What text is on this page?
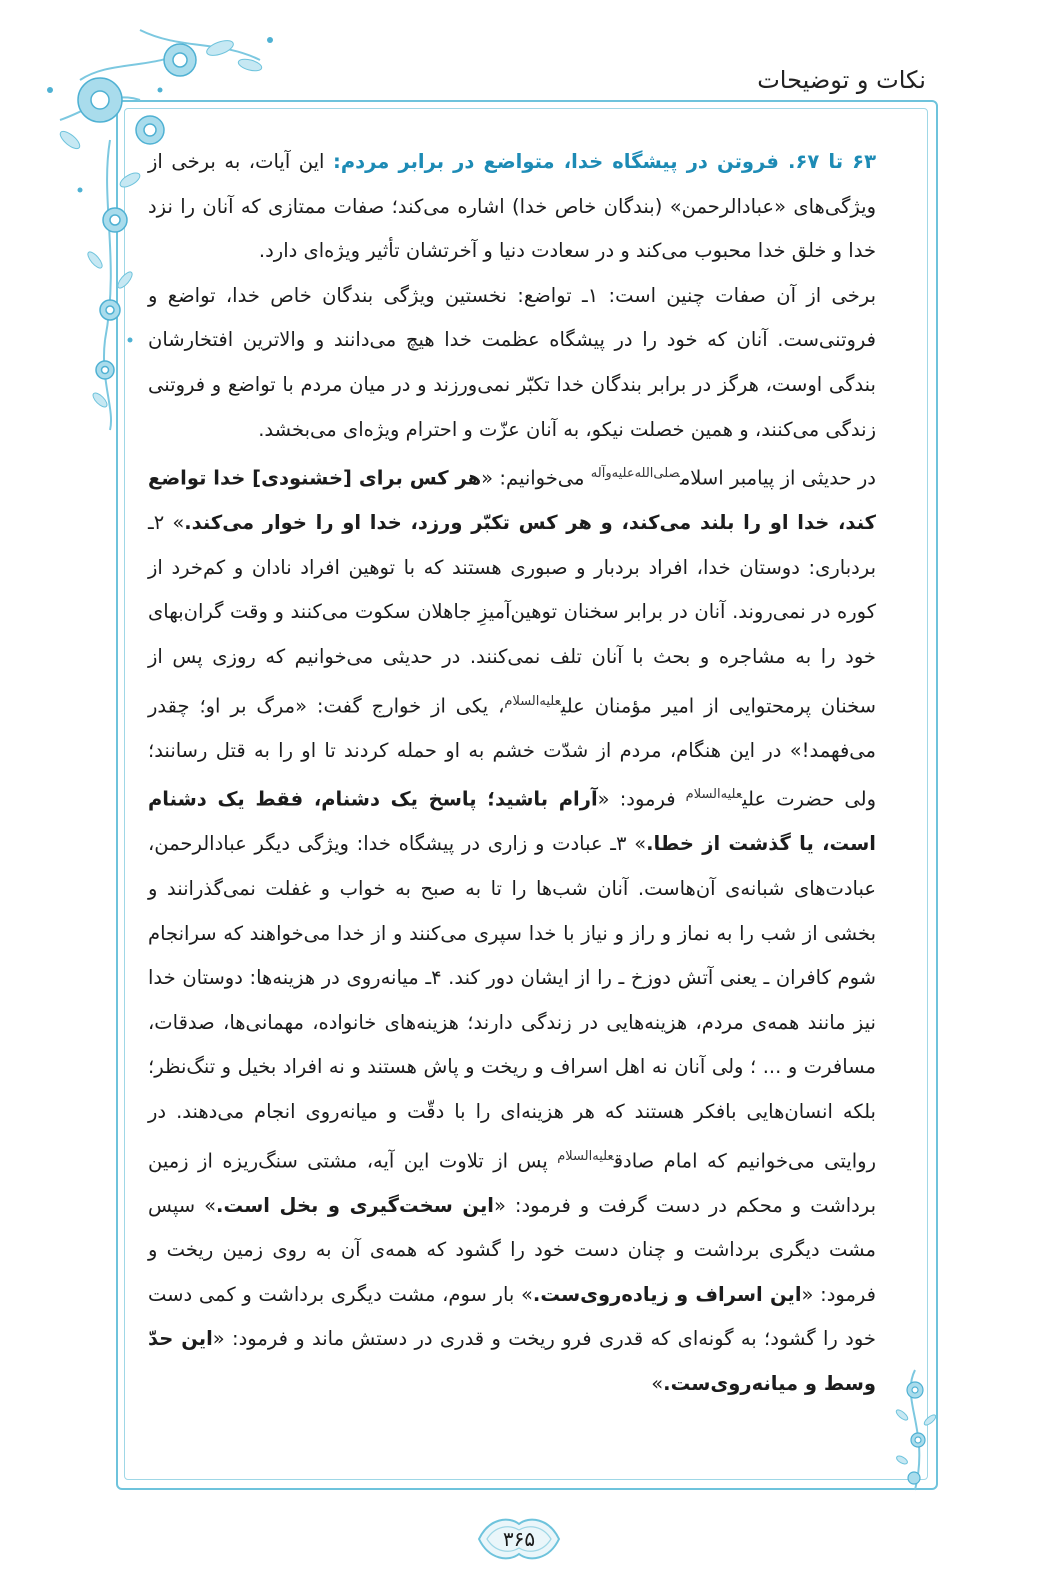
نکات و توضیحات

۶۳ تا ۶۷. فروتن در پیشگاه خدا، متواضع در برابر مردم: این آیات، به برخی از ویژگی‌های «عبادالرحمن» (بندگان خاص خدا) اشاره می‌کند؛ صفات ممتازی که آنان را نزد خدا و خلق خدا محبوب می‌کند و در سعادت دنیا و آخرتشان تأثیر ویژه‌ای دارد.

برخی از آن صفات چنین است: ۱ـ تواضع: نخستین ویژگی بندگان خاص خدا، تواضع و فروتنی‌ست. آنان که خود را در پیشگاه عظمت خدا هیچ می‌دانند و والاترین افتخارشان بندگی اوست، هرگز در برابر بندگان خدا تکبّر نمی‌ورزند و در میان مردم با تواضع و فروتنی زندگی می‌کنند، و همین خصلت نیکو، به آنان عزّت و احترام ویژه‌ای می‌بخشد.

در حدیثی از پیامبر اسلام$^{صلی‌الله‌علیه‌وآله}$ می‌خوانیم: «هر کس برای [خشنودی] خدا تواضع کند، خدا او را بلند می‌کند، و هر کس تکبّر ورزد، خدا او را خوار می‌کند.» ۲ـ بردباری: دوستان خدا، افراد بردبار و صبوری هستند که با توهین افراد نادان و کم‌خرد از کوره در نمی‌روند. آنان در برابر سخنان توهین‌آمیزِ جاهلان سکوت می‌کنند و وقت گران‌بهای خود را به مشاجره و بحث با آنان تلف نمی‌کنند. در حدیثی می‌خوانیم که روزی پس از سخنان پرمحتوایی از امیر مؤمنان علی$^{علیه‌السلام}$، یکی از خوارج گفت: «مرگ بر او؛ چقدر می‌فهمد!» در این هنگام، مردم از شدّت خشم به او حمله کردند تا او را به قتل رسانند؛ ولی حضرت علی$^{علیه‌السلام}$ فرمود: «آرام باشید؛ پاسخ یک دشنام، فقط یک دشنام است، یا گذشت از خطا.» ۳ـ عبادت و زاری در پیشگاه خدا: ویژگی دیگر عبادالرحمن، عبادت‌های شبانه‌ی آن‌هاست. آنان شب‌ها را تا به صبح به خواب و غفلت نمی‌گذرانند و بخشی از شب را به نماز و راز و نیاز با خدا سپری می‌کنند و از خدا می‌خواهند که سرانجام شوم کافران ـ یعنی آتش دوزخ ـ را از ایشان دور کند. ۴ـ میانه‌روی در هزینه‌ها: دوستان خدا نیز مانند همه‌ی مردم، هزینه‌هایی در زندگی دارند؛ هزینه‌های خانواده، مهمانی‌ها، صدقات، مسافرت و ... ؛ ولی آنان نه اهل اسراف و ریخت و پاش هستند و نه افراد بخیل و تنگ‌نظر؛ بلکه انسان‌هایی بافکر هستند که هر هزینه‌ای را با دقّت و میانه‌روی انجام می‌دهند. در روایتی می‌خوانیم که امام صادق$^{علیه‌السلام}$ پس از تلاوت این آیه، مشتی سنگ‌ریزه از زمین برداشت و محکم در دست گرفت و فرمود: «این سخت‌گیری و بخل است.» سپس مشت دیگری برداشت و چنان دست خود را گشود که همه‌ی آن به روی زمین ریخت و فرمود: «این اسراف و زیاده‌روی‌ست.» بار سوم، مشت دیگری برداشت و کمی دست خود را گشود؛ به گونه‌ای که قدری فرو ریخت و قدری در دستش ماند و فرمود: «این حدّ وسط و میانه‌روی‌ست.»

۳۶۵
